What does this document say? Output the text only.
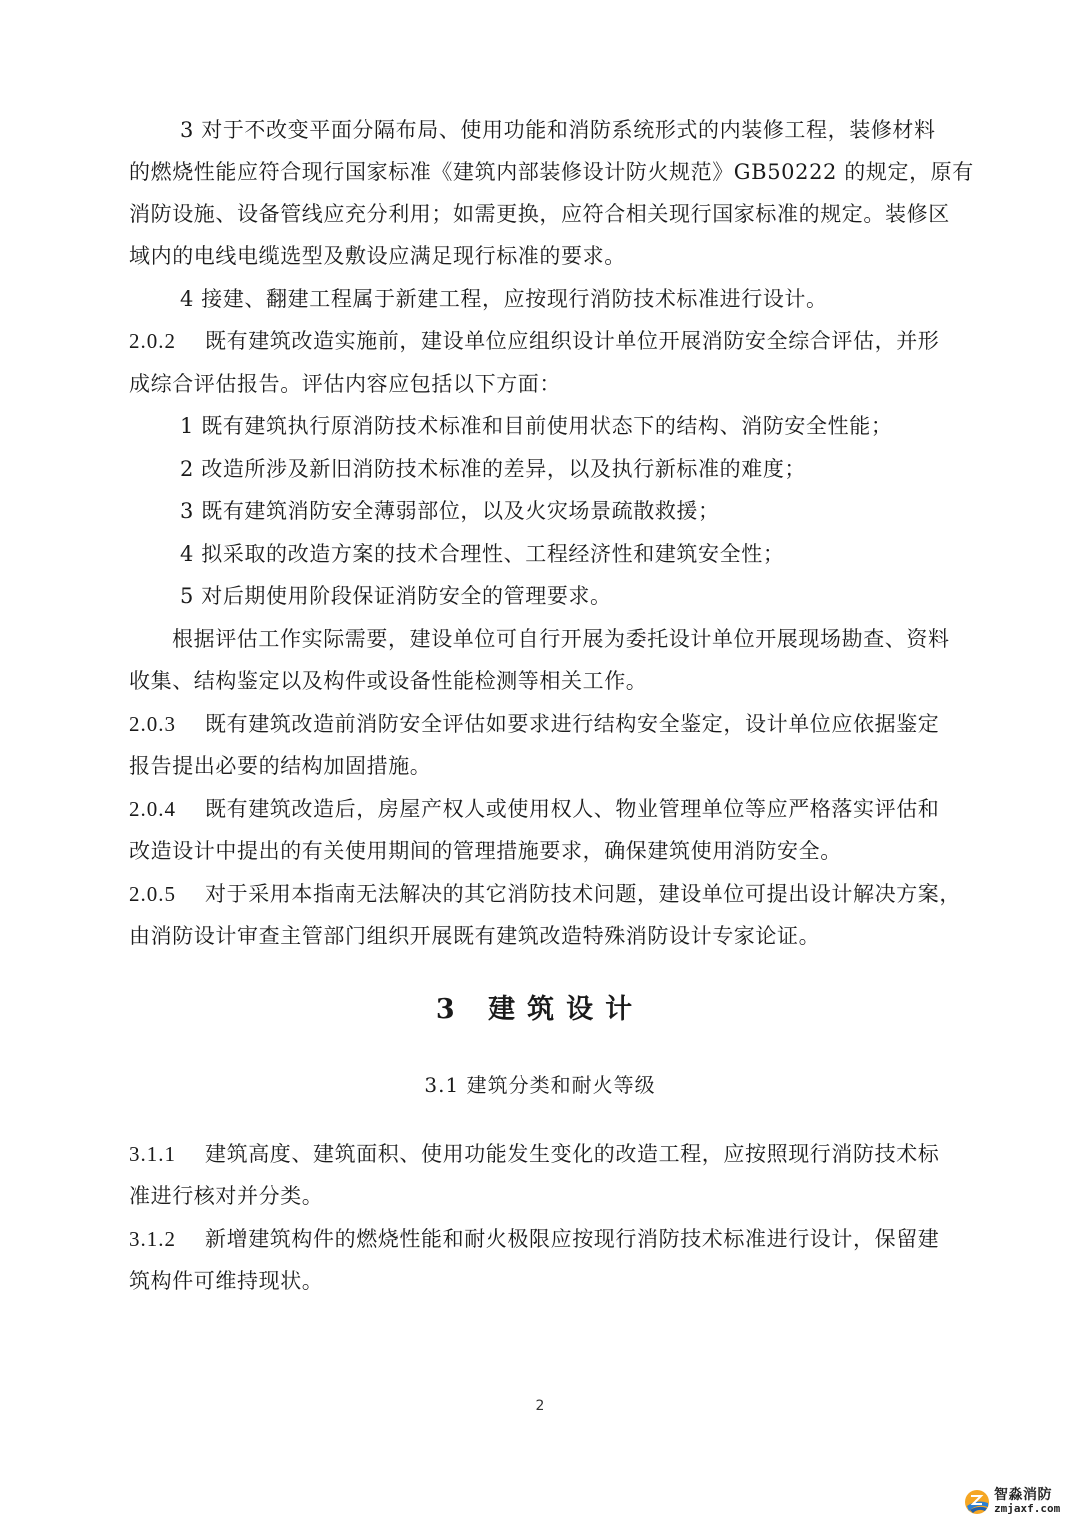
3 对于不改变平面分隔布局、使用功能和消防系统形式的内装修工程，装修材料
的燃烧性能应符合现行国家标准《建筑内部装修设计防火规范》GB50222 的规定，原有
消防设施、设备管线应充分利用；如需更换，应符合相关现行国家标准的规定。装修区
域内的电线电缆选型及敷设应满足现行标准的要求。
4 接建、翻建工程属于新建工程，应按现行消防技术标准进行设计。
2.0.2 既有建筑改造实施前，建设单位应组织设计单位开展消防安全综合评估，并形
成综合评估报告。评估内容应包括以下方面：
1 既有建筑执行原消防技术标准和目前使用状态下的结构、消防安全性能；
2 改造所涉及新旧消防技术标准的差异，以及执行新标准的难度；
3 既有建筑消防安全薄弱部位，以及火灾场景疏散救援；
4 拟采取的改造方案的技术合理性、工程经济性和建筑安全性；
5 对后期使用阶段保证消防安全的管理要求。
根据评估工作实际需要，建设单位可自行开展为委托设计单位开展现场勘查、资料
收集、结构鉴定以及构件或设备性能检测等相关工作。
2.0.3 既有建筑改造前消防安全评估如要求进行结构安全鉴定，设计单位应依据鉴定
报告提出必要的结构加固措施。
2.0.4 既有建筑改造后，房屋产权人或使用权人、物业管理单位等应严格落实评估和
改造设计中提出的有关使用期间的管理措施要求，确保建筑使用消防安全。
2.0.5 对于采用本指南无法解决的其它消防技术问题，建设单位可提出设计解决方案，
由消防设计审查主管部门组织开展既有建筑改造特殊消防设计专家论证。
3 建筑设计
3.1 建筑分类和耐火等级
3.1.1 建筑高度、建筑面积、使用功能发生变化的改造工程，应按照现行消防技术标
准进行核对并分类。
3.1.2 新增建筑构件的燃烧性能和耐火极限应按现行消防技术标准进行设计，保留建
筑构件可维持现状。
2
智淼消防
zmjaxf.com
